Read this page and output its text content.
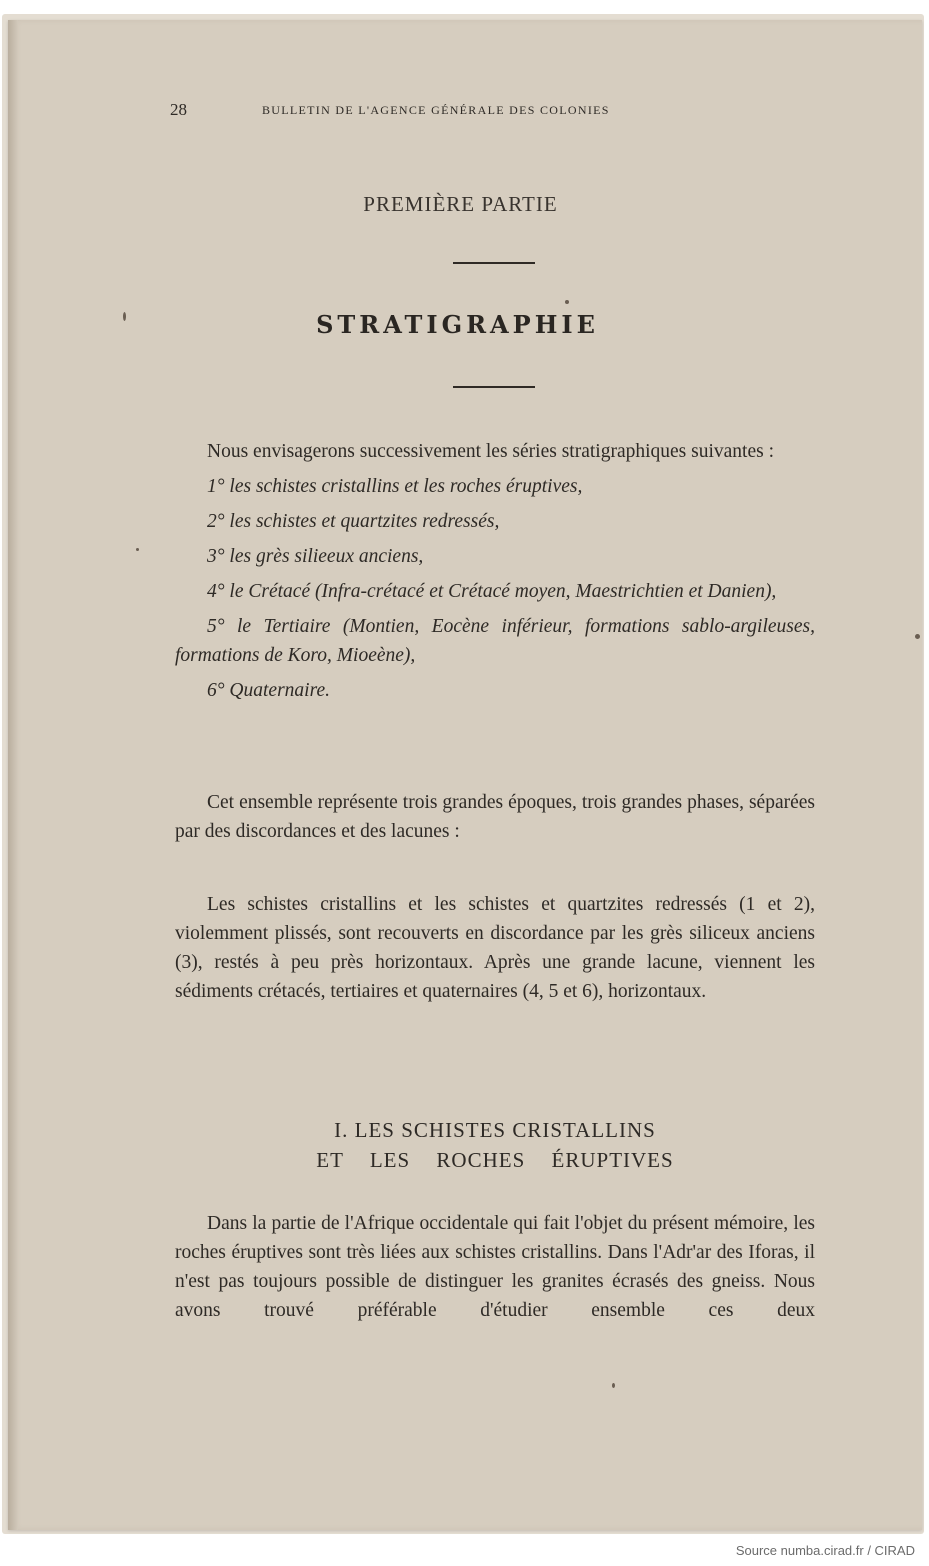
28	BULLETIN DE L'AGENCE GÉNÉRALE DES COLONIES
PREMIÈRE PARTIE
STRATIGRAPHIE

Nous envisagerons successivement les séries stratigraphiques suivantes :

1° les schistes cristallins et les roches éruptives,

2° les schistes et quartzites redressés,

3° les grès silieeux anciens,

4° le Crétacé (Infra-crétacé et Crétacé moyen, Maestrichtien et Danien),

5° le Tertiaire (Montien, Eocène inférieur, formations sablo-argileuses, formations de Koro, Mioeène),

6° Quaternaire.

Cet ensemble représente trois grandes époques, trois grandes phases, séparées par des discordances et des lacunes :

Les schistes cristallins et les schistes et quartzites redressés (1 et 2), violemment plissés, sont recouverts en discordance par les grès siliceux anciens (3), restés à peu près horizontaux. Après une grande lacune, viennent les sédiments crétacés, tertiaires et quaternaires (4, 5 et 6), horizontaux.

I. LES SCHISTES CRISTALLINS
ET LES ROCHES ÉRUPTIVES

Dans la partie de l'Afrique occidentale qui fait l'objet du présent mémoire, les roches éruptives sont très liées aux schistes cristallins. Dans l'Adr'ar des Iforas, il n'est pas toujours possible de distinguer les granites écrasés des gneiss. Nous avons trouvé préférable d'étudier ensemble ces deux

Source numba.cirad.fr / CIRAD
